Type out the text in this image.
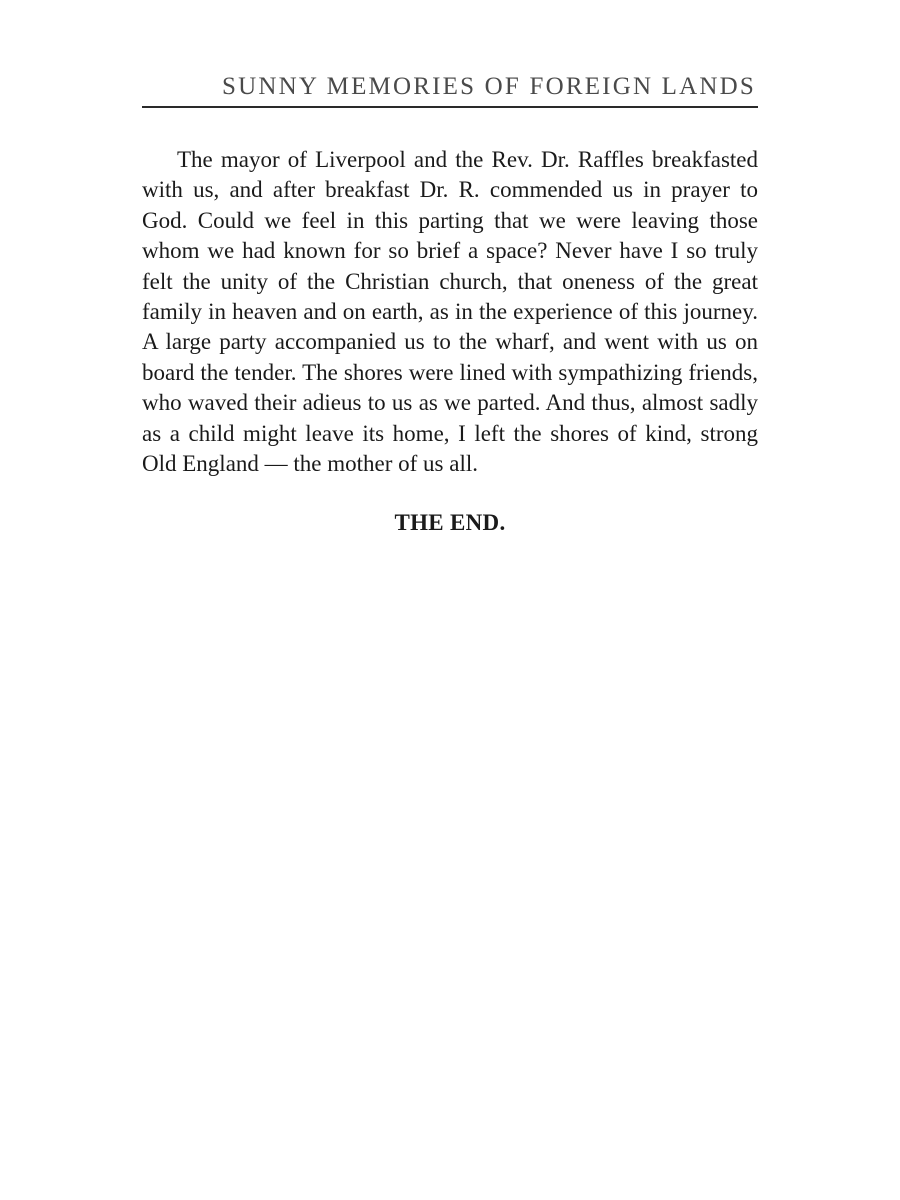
SUNNY MEMORIES OF FOREIGN LANDS

The mayor of Liverpool and the Rev. Dr. Raffles breakfasted with us, and after breakfast Dr. R. commended us in prayer to God. Could we feel in this parting that we were leaving those whom we had known for so brief a space? Never have I so truly felt the unity of the Christian church, that oneness of the great family in heaven and on earth, as in the experience of this journey. A large party accompanied us to the wharf, and went with us on board the tender. The shores were lined with sympathizing friends, who waved their adieus to us as we parted. And thus, almost sadly as a child might leave its home, I left the shores of kind, strong Old England — the mother of us all.

THE END.
